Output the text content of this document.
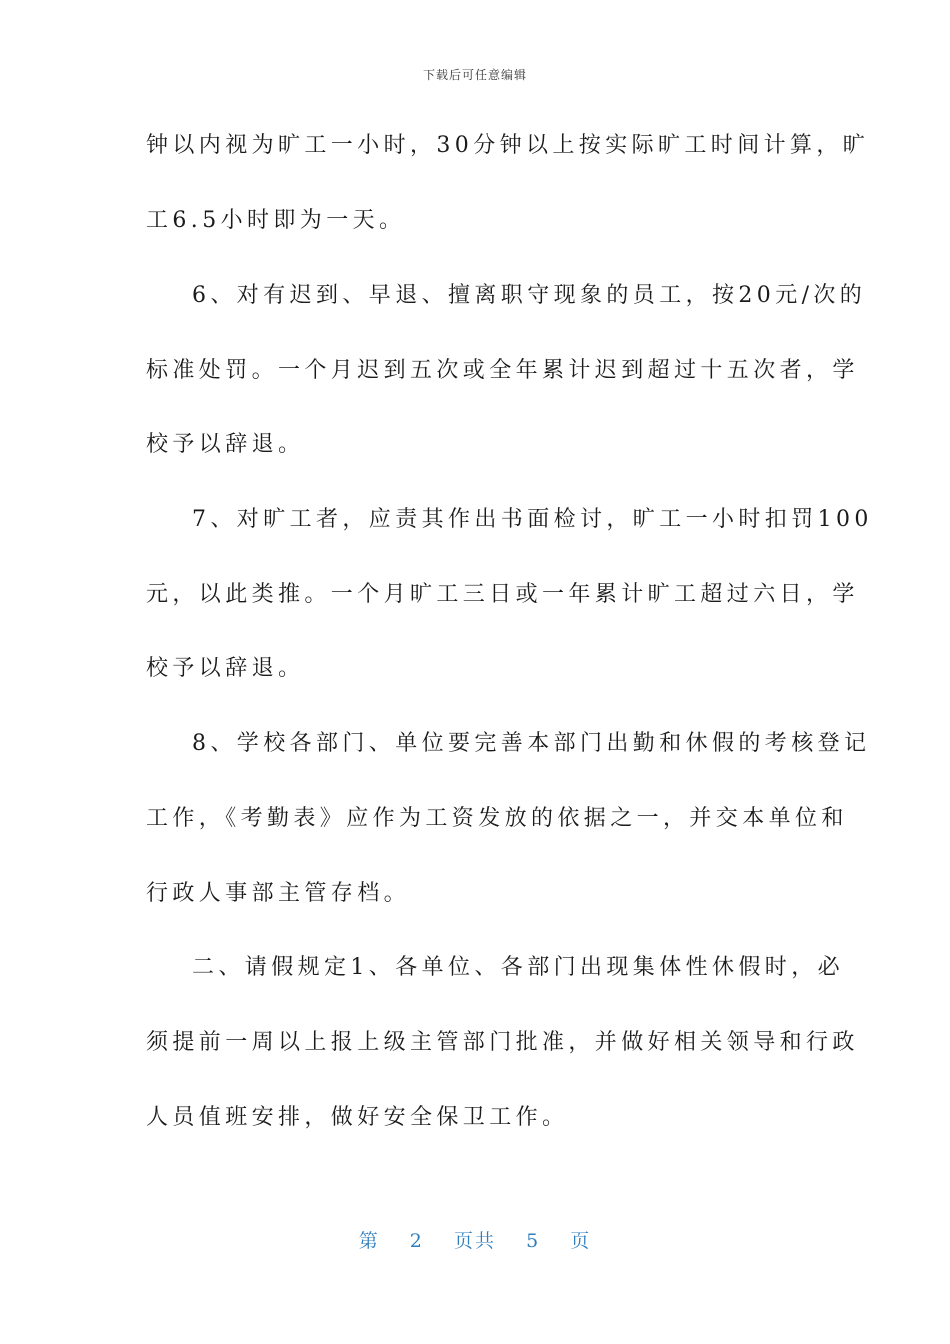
下载后可任意编辑
钟以内视为旷工一小时，30分钟以上按实际旷工时间计算，旷
工6.5小时即为一天。
6、对有迟到、早退、擅离职守现象的员工，按20元/次的
标准处罚。一个月迟到五次或全年累计迟到超过十五次者，学
校予以辞退。
7、对旷工者，应责其作出书面检讨，旷工一小时扣罚100
元，以此类推。一个月旷工三日或一年累计旷工超过六日，学
校予以辞退。
8、学校各部门、单位要完善本部门出勤和休假的考核登记
工作，《考勤表》应作为工资发放的依据之一，并交本单位和
行政人事部主管存档。
二、请假规定1、各单位、各部门出现集体性休假时，必
须提前一周以上报上级主管部门批准，并做好相关领导和行政
人员值班安排，做好安全保卫工作。
第 2 页共 5 页
